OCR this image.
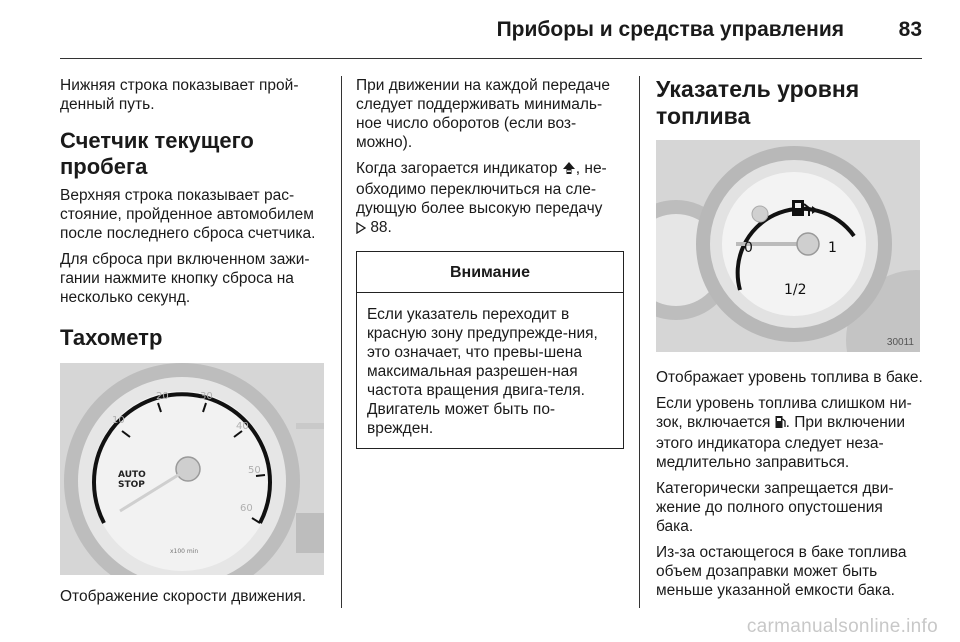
Приборы и средства управления	83

Нижняя строка показывает прой-денный путь.

Счетчик текущего пробега

Верхняя строка показывает рас-стояние, пройденное автомобилем после последнего сброса счетчика.

Для сброса при включенном зажи-гании нажмите кнопку сброса на несколько секунд.

Тахометр
10
20	30
40
50
60
AUTO
STOP
x100 min

Отображение скорости движения.

При движении на каждой передаче следует поддерживать минималь-ное число оборотов (если воз-можно).

Когда загорается индикатор , не-обходимо переключиться на сле-дующую более высокую передачу
88.

Внимание
Если указатель переходит в красную зону предупрежде-ния, это означает, что превы-шена максимальная разрешен-ная частота вращения двига-теля. Двигатель может быть по-врежден.
Указатель уровня топлива
0
1/2
1
30011

Отображает уровень топлива в баке.

Если уровень топлива слишком ни-зок, включается . При включении этого индикатора следует неза-медлительно заправиться.

Категорически запрещается дви-жение до полного опустошения бака.

Из-за остающегося в баке топлива объем дозаправки может быть меньше указанной емкости бака.

carmanualsonline.info
